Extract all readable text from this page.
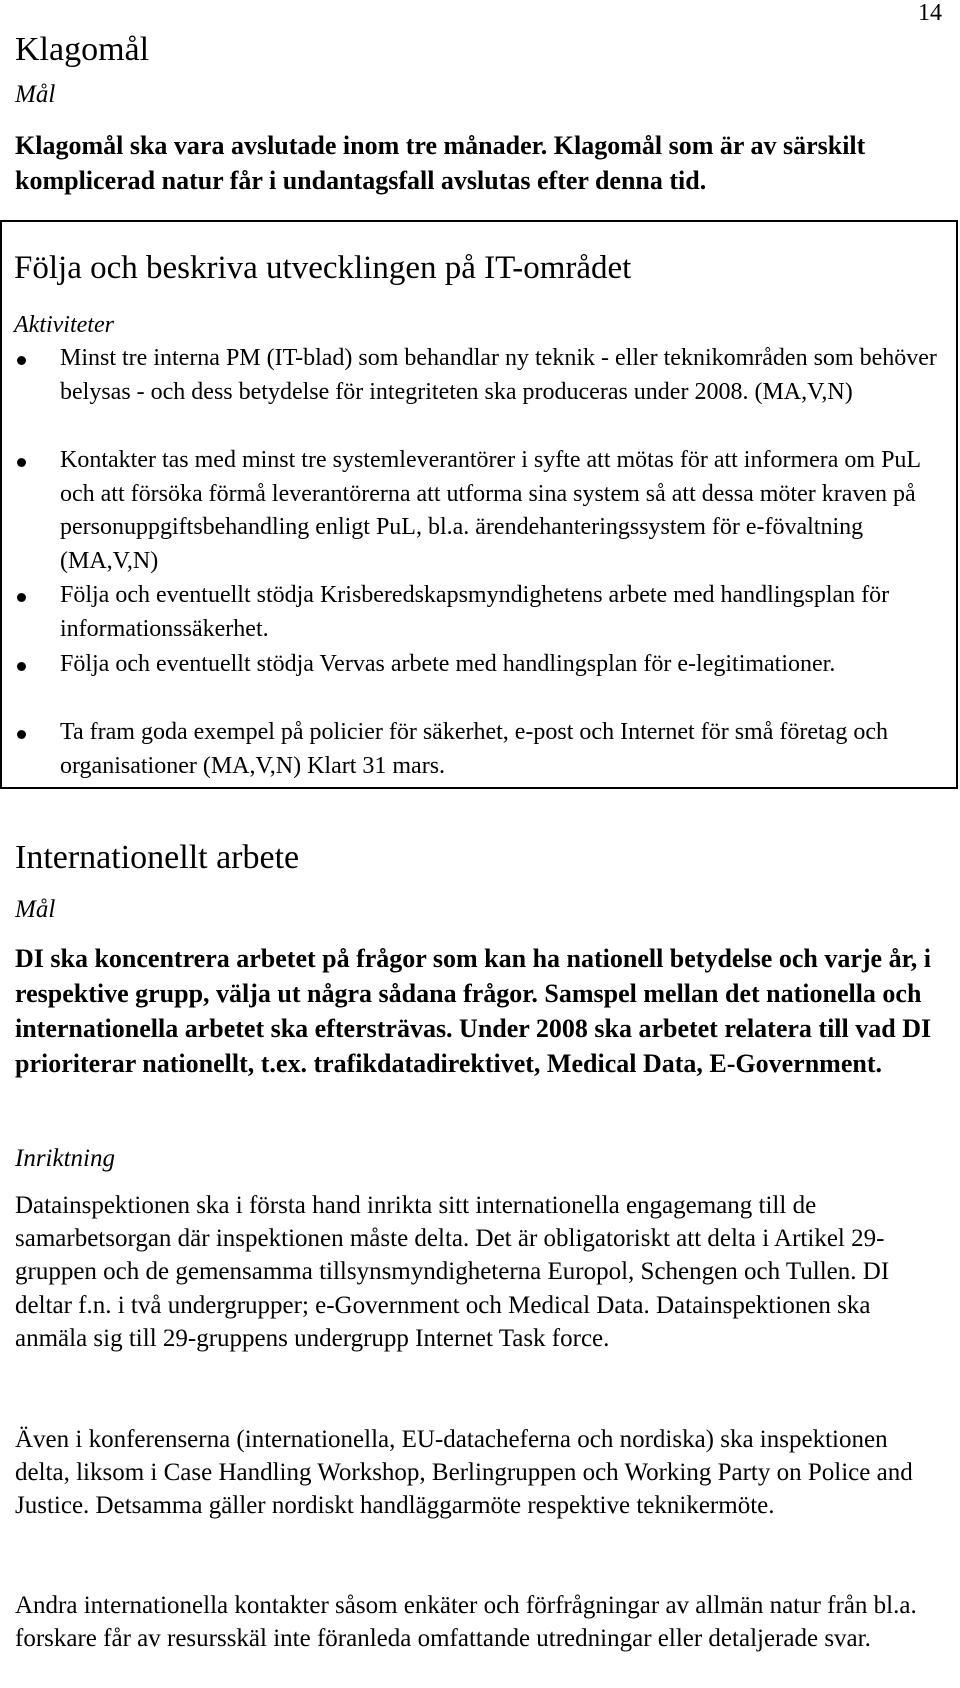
14
Klagomål
Mål
Klagomål ska vara avslutade inom tre månader. Klagomål som är av särskilt komplicerad natur får i undantagsfall avslutas efter denna tid.
Följa och beskriva utvecklingen på IT-området
Aktiviteter
Minst tre interna PM (IT-blad) som behandlar ny teknik - eller teknikområden som behöver belysas - och dess betydelse för integriteten ska produceras under 2008. (MA,V,N)
Kontakter tas med minst tre systemleverantörer i syfte att mötas för att informera om PuL och att försöka förmå leverantörerna att utforma sina system så att dessa möter kraven på personuppgiftsbehandling enligt PuL, bl.a. ärendehanteringssystem för e-fövaltning (MA,V,N)
Följa och eventuellt stödja Krisberedskapsmyndighetens arbete med handlingsplan för informationssäkerhet.
Följa och eventuellt stödja Vervas arbete med handlingsplan för e-legitimationer.
Ta fram goda exempel på policier för säkerhet, e-post och Internet för små företag och organisationer (MA,V,N) Klart 31 mars.
Internationellt arbete
Mål
DI ska koncentrera arbetet på frågor som kan ha nationell betydelse och varje år, i respektive grupp, välja ut några sådana frågor. Samspel mellan det nationella och internationella arbetet ska eftersträvas. Under 2008 ska arbetet relatera till vad DI prioriterar nationellt, t.ex. trafikdatadirektivet, Medical Data, E-Government.
Inriktning
Datainspektionen ska i första hand inrikta sitt internationella engagemang till de samarbetsorgan där inspektionen måste delta. Det är obligatoriskt att delta i Artikel 29-gruppen och de gemensamma tillsynsmyndigheterna Europol, Schengen och Tullen. DI deltar f.n. i två undergrupper; e-Government och Medical Data. Datainspektionen ska anmäla sig till 29-gruppens undergrupp Internet Task force.
Även i konferenserna (internationella, EU-datacheferna och nordiska) ska inspektionen delta, liksom i Case Handling Workshop, Berlingruppen och Working Party on Police and Justice. Detsamma gäller nordiskt handläggarmöte respektive teknikermöte.
Andra internationella kontakter såsom enkäter och förfrågningar av allmän natur från bl.a. forskare får av resursskäl inte föranleda omfattande utredningar eller detaljerade svar.
